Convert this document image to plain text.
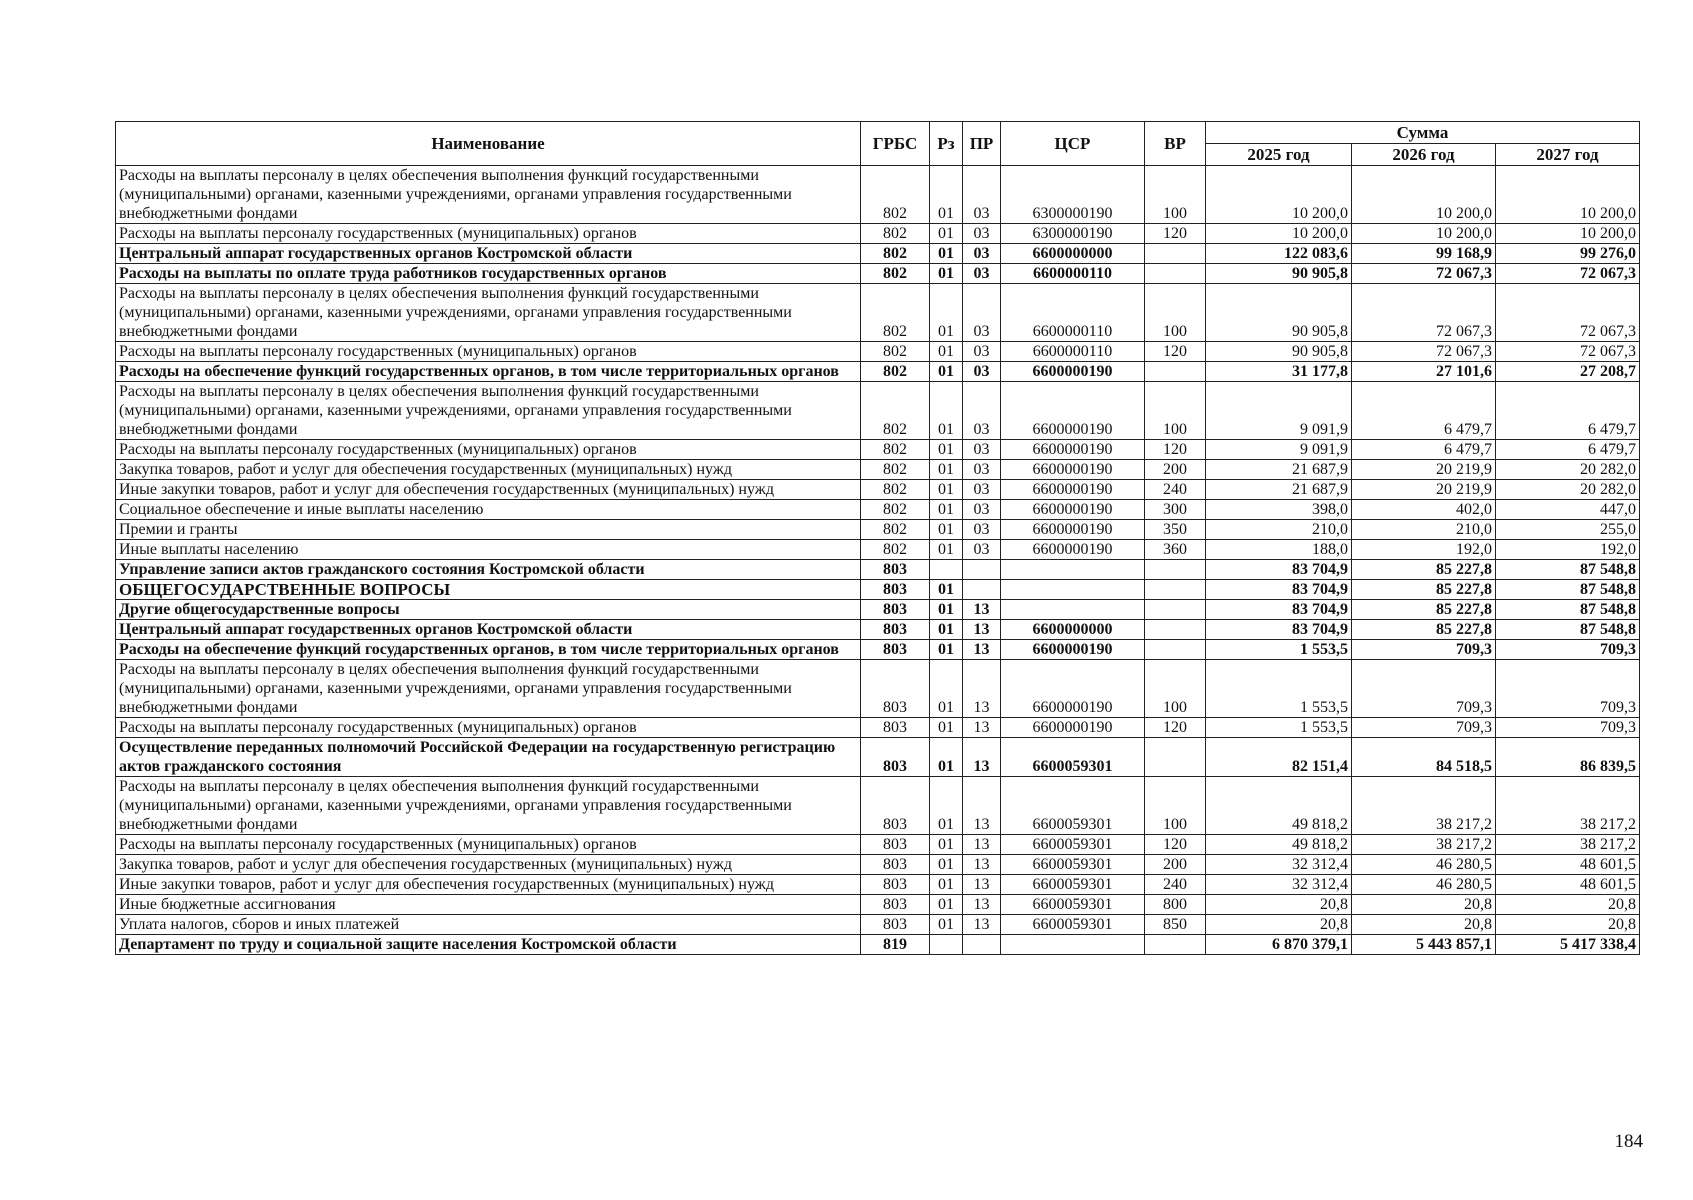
Наименование	ГРБС	Рз	ПР	ЦСР	ВР	Сумма		
						2025 год	2026 год	2027 год
Расходы на выплаты персоналу в целях обеспечения выполнения функций государственными (муниципальными) органами, казенными учреждениями, органами управления государственными внебюджетными фондами	802	01	03	6300000190	100	10 200,0	10 200,0	10 200,0
Расходы на выплаты персоналу государственных (муниципальных) органов	802	01	03	6300000190	120	10 200,0	10 200,0	10 200,0
Центральный аппарат государственных органов Костромской области	802	01	03	6600000000		122 083,6	99 168,9	99 276,0
Расходы на выплаты по оплате труда работников государственных органов	802	01	03	6600000110		90 905,8	72 067,3	72 067,3
Расходы на выплаты персоналу в целях обеспечения выполнения функций государственными (муниципальными) органами, казенными учреждениями, органами управления государственными внебюджетными фондами	802	01	03	6600000110	100	90 905,8	72 067,3	72 067,3
Расходы на выплаты персоналу государственных (муниципальных) органов	802	01	03	6600000110	120	90 905,8	72 067,3	72 067,3
Расходы на обеспечение функций государственных органов, в том числе территориальных органов	802	01	03	6600000190		31 177,8	27 101,6	27 208,7
Расходы на выплаты персоналу в целях обеспечения выполнения функций государственными (муниципальными) органами, казенными учреждениями, органами управления государственными внебюджетными фондами	802	01	03	6600000190	100	9 091,9	6 479,7	6 479,7
Расходы на выплаты персоналу государственных (муниципальных) органов	802	01	03	6600000190	120	9 091,9	6 479,7	6 479,7
Закупка товаров, работ и услуг для обеспечения государственных (муниципальных) нужд	802	01	03	6600000190	200	21 687,9	20 219,9	20 282,0
Иные закупки товаров, работ и услуг для обеспечения государственных (муниципальных) нужд	802	01	03	6600000190	240	21 687,9	20 219,9	20 282,0
Социальное обеспечение и иные выплаты населению	802	01	03	6600000190	300	398,0	402,0	447,0
Премии и гранты	802	01	03	6600000190	350	210,0	210,0	255,0
Иные выплаты населению	802	01	03	6600000190	360	188,0	192,0	192,0
Управление записи актов гражданского состояния Костромской области	803					83 704,9	85 227,8	87 548,8
ОБЩЕГОСУДАРСТВЕННЫЕ ВОПРОСЫ	803	01				83 704,9	85 227,8	87 548,8
Другие общегосударственные вопросы	803	01	13			83 704,9	85 227,8	87 548,8
Центральный аппарат государственных органов Костромской области	803	01	13	6600000000		83 704,9	85 227,8	87 548,8
Расходы на обеспечение функций государственных органов, в том числе территориальных органов	803	01	13	6600000190		1 553,5	709,3	709,3
Расходы на выплаты персоналу в целях обеспечения выполнения функций государственными (муниципальными) органами, казенными учреждениями, органами управления государственными внебюджетными фондами	803	01	13	6600000190	100	1 553,5	709,3	709,3
Расходы на выплаты персоналу государственных (муниципальных) органов	803	01	13	6600000190	120	1 553,5	709,3	709,3
Осуществление переданных полномочий Российской Федерации на государственную регистрацию актов гражданского состояния	803	01	13	6600059301		82 151,4	84 518,5	86 839,5
Расходы на выплаты персоналу в целях обеспечения выполнения функций государственными (муниципальными) органами, казенными учреждениями, органами управления государственными внебюджетными фондами	803	01	13	6600059301	100	49 818,2	38 217,2	38 217,2
Расходы на выплаты персоналу государственных (муниципальных) органов	803	01	13	6600059301	120	49 818,2	38 217,2	38 217,2
Закупка товаров, работ и услуг для обеспечения государственных (муниципальных) нужд	803	01	13	6600059301	200	32 312,4	46 280,5	48 601,5
Иные закупки товаров, работ и услуг для обеспечения государственных (муниципальных) нужд	803	01	13	6600059301	240	32 312,4	46 280,5	48 601,5
Иные бюджетные ассигнования	803	01	13	6600059301	800	20,8	20,8	20,8
Уплата налогов, сборов и иных платежей	803	01	13	6600059301	850	20,8	20,8	20,8
Департамент по труду и социальной защите населения Костромской области	819					6 870 379,1	5 443 857,1	5 417 338,4
184
